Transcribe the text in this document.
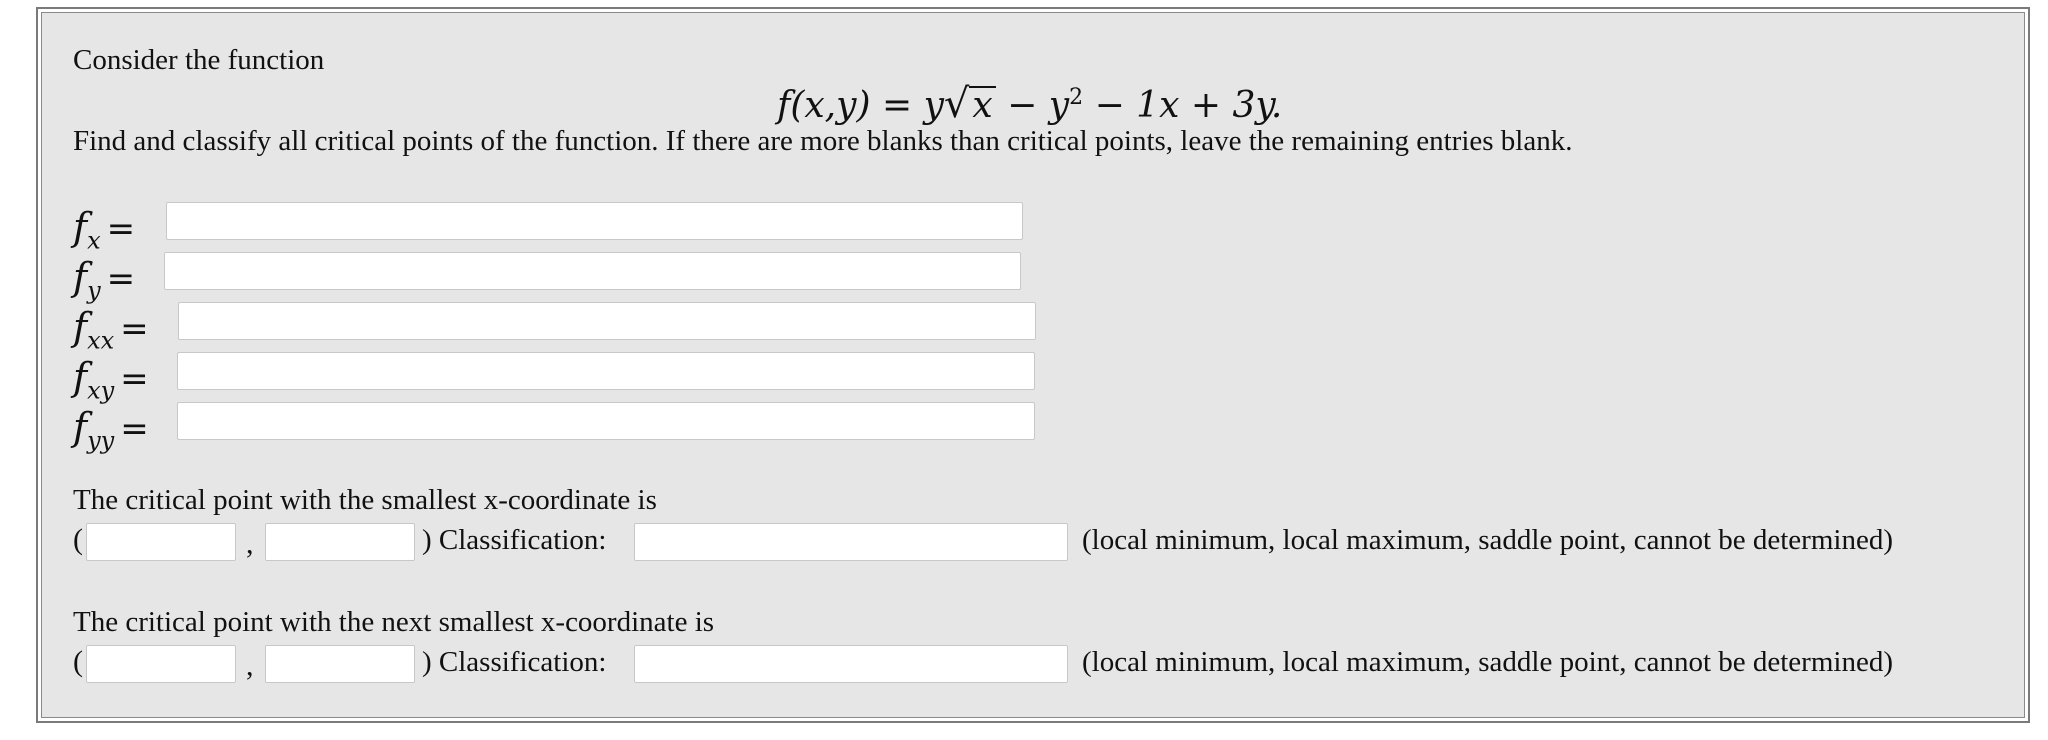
Consider the function
$f(x,y) = y√x - y^2 - 1x + 3y$.
Find and classify all critical points of the function. If there are more blanks than critical points, leave the remaining entries blank.
$f_x$ =
$f_y$ =
$f_{xx}$ =
$f_{xy}$ =
$f_{yy}$ =
The critical point with the smallest x-coordinate is
(	,	) Classification:	(local minimum, local maximum, saddle point, cannot be determined)
The critical point with the next smallest x-coordinate is
(	,	) Classification:	(local minimum, local maximum, saddle point, cannot be determined)
